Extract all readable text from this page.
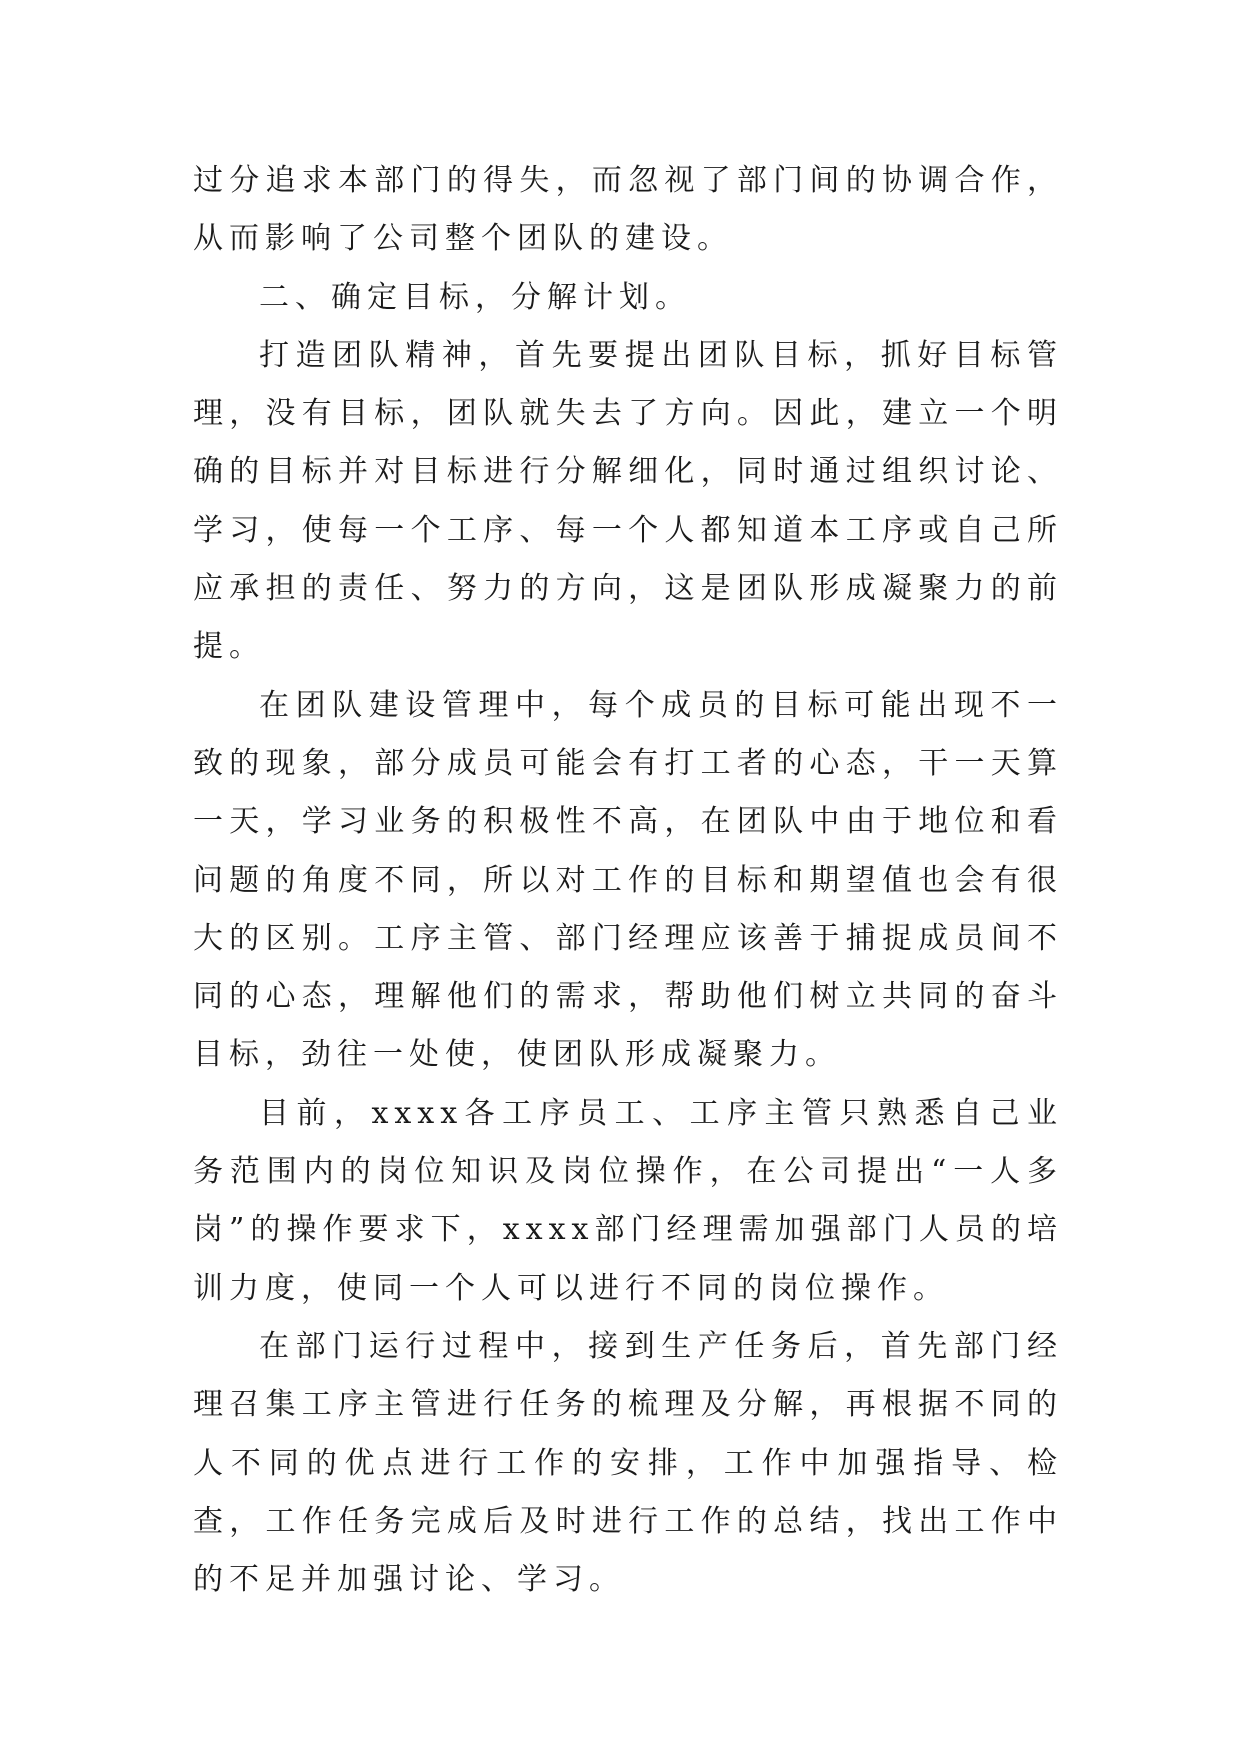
过分追求本部门的得失，而忽视了部门间的协调合作，从而影响了公司整个团队的建设。

二、确定目标，分解计划。

打造团队精神，首先要提出团队目标，抓好目标管理，没有目标，团队就失去了方向。因此，建立一个明确的目标并对目标进行分解细化，同时通过组织讨论、学习，使每一个工序、每一个人都知道本工序或自己所应承担的责任、努力的方向，这是团队形成凝聚力的前提。

在团队建设管理中，每个成员的目标可能出现不一致的现象，部分成员可能会有打工者的心态，干一天算一天，学习业务的积极性不高，在团队中由于地位和看问题的角度不同，所以对工作的目标和期望值也会有很大的区别。工序主管、部门经理应该善于捕捉成员间不同的心态，理解他们的需求，帮助他们树立共同的奋斗目标，劲往一处使，使团队形成凝聚力。

目前，xxxx各工序员工、工序主管只熟悉自己业务范围内的岗位知识及岗位操作，在公司提出“一人多岗”的操作要求下，xxxx部门经理需加强部门人员的培训力度，使同一个人可以进行不同的岗位操作。

在部门运行过程中，接到生产任务后，首先部门经理召集工序主管进行任务的梳理及分解，再根据不同的人不同的优点进行工作的安排，工作中加强指导、检查，工作任务完成后及时进行工作的总结，找出工作中的不足并加强讨论、学习。
